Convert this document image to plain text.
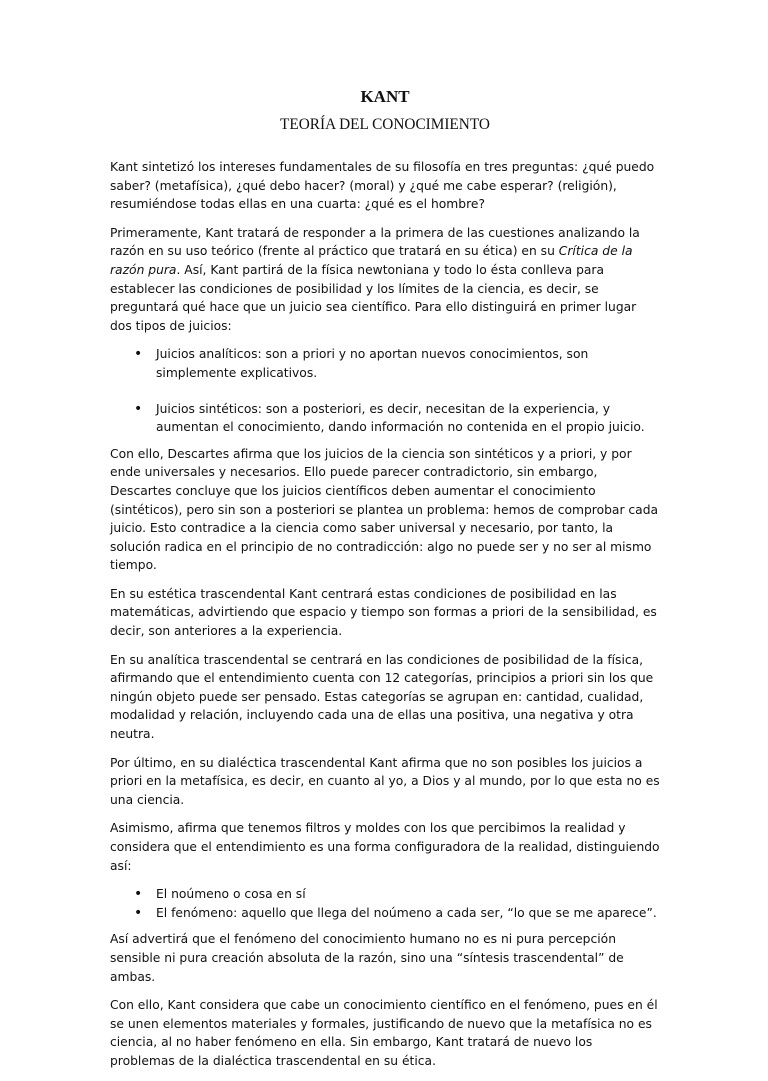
KANT
TEORÍA DEL CONOCIMIENTO

Kant sintetizó los intereses fundamentales de su filosofía en tres preguntas: ¿qué puedo saber? (metafísica), ¿qué debo hacer? (moral) y ¿qué me cabe esperar? (religión), resumiéndose todas ellas en una cuarta: ¿qué es el hombre?

Primeramente, Kant tratará de responder a la primera de las cuestiones analizando la razón en su uso teórico (frente al práctico que tratará en su ética) en su Crítica de la razón pura. Así, Kant partirá de la física newtoniana y todo lo ésta conlleva para establecer las condiciones de posibilidad y los límites de la ciencia, es decir, se preguntará qué hace que un juicio sea científico. Para ello distinguirá en primer lugar dos tipos de juicios:

• Juicios analíticos: son a priori y no aportan nuevos conocimientos, son simplemente explicativos.
• Juicios sintéticos: son a posteriori, es decir, necesitan de la experiencia, y aumentan el conocimiento, dando información no contenida en el propio juicio.

Con ello, Descartes afirma que los juicios de la ciencia son sintéticos y a priori, y por ende universales y necesarios. Ello puede parecer contradictorio, sin embargo, Descartes concluye que los juicios científicos deben aumentar el conocimiento (sintéticos), pero sin son a posteriori se plantea un problema: hemos de comprobar cada juicio. Esto contradice a la ciencia como saber universal y necesario, por tanto, la solución radica en el principio de no contradicción: algo no puede ser y no ser al mismo tiempo.

En su estética trascendental Kant centrará estas condiciones de posibilidad en las matemáticas, advirtiendo que espacio y tiempo son formas a priori de la sensibilidad, es decir, son anteriores a la experiencia.

En su analítica trascendental se centrará en las condiciones de posibilidad de la física, afirmando que el entendimiento cuenta con 12 categorías, principios a priori sin los que ningún objeto puede ser pensado. Estas categorías se agrupan en: cantidad, cualidad, modalidad y relación, incluyendo cada una de ellas una positiva, una negativa y otra neutra.

Por último, en su dialéctica trascendental Kant afirma que no son posibles los juicios a priori en la metafísica, es decir, en cuanto al yo, a Dios y al mundo, por lo que esta no es una ciencia.

Asimismo, afirma que tenemos filtros y moldes con los que percibimos la realidad y considera que el entendimiento es una forma configuradora de la realidad, distinguiendo así:

• El noúmeno o cosa en sí
• El fenómeno: aquello que llega del noúmeno a cada ser, “lo que se me aparece”.

Así advertirá que el fenómeno del conocimiento humano no es ni pura percepción sensible ni pura creación absoluta de la razón, sino una “síntesis trascendental” de ambas.

Con ello, Kant considera que cabe un conocimiento científico en el fenómeno, pues en él se unen elementos materiales y formales, justificando de nuevo que la metafísica no es ciencia, al no haber fenómeno en ella. Sin embargo, Kant tratará de nuevo los problemas de la dialéctica trascendental en su ética.
